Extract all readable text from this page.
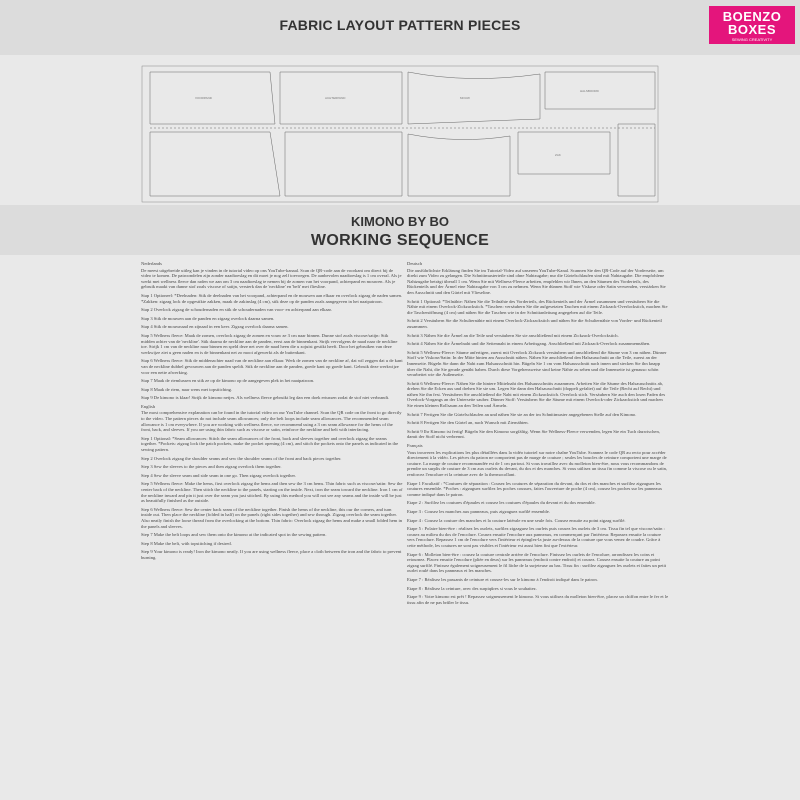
FABRIC LAYOUT PATTERN PIECES
BOENZO
BOXES
SEWING CREATIVITY
VOORPAND	ACHTERPAND	MOUW
HALSBOORD
ZAK
KIMONO BY BO
WORKING SEQUENCE

Nederlands

De meest uitgebreide uitleg kan je vinden in de tutorial video op ons YouTube-kanaal. Scan de QR-code aan de voorkant om direct bij de video te komen. De patroondelen zijn zonder naadtoeslag en dit moet je nog zelf toevoegen. De aanbevolen naadtoeslag is 1 cm overal. Als je werkt met wellness fleece dan raden we aan om 3 cm naadtoeslag te nemen bij de zomen van het voorpand, achterpand en mouwen. Als je gebruik maakt van dunne stof zoals viscose of satijn, versterk dan de 'neckline' en 'belt' met fliesline.

Stap 1 Optioneel: *Deelnaden: Stik de deelnaden van het voorpand, achterpand en de mouwen aan elkaar en overlock zigzag de naden samen. *Zakken: zigzag lock de opgestikte zakken, maak de zakinslag (4 cm), stik deze op de panden zoals aangegeven in het naaipatroon.

Stap 2 Overlock zigzag de schoudernaden en stik de schoudernaden van voor- en achterpand aan elkaar.

Stap 3 Stik de mouwen aan de panden en zigzag overlock daarna samen.

Stap 4 Stik de mouwnaad en zijnaad in een keer. Zigzag overlock daarna samen.

Stap 5 Wellness fleece: Maak de zomen, overlock zigzag de zomen en vouw ze 3 cm naar binnen. Dunne stof zoals viscose/satijn: Stik midden achter van de 'neckline'. Stik daarna de neckline aan de panden, eerst aan de binnenkant. Strijk vervolgens de naad naar de neckline toe. Strijk 1 cm van de neckline naar binnen en speld deze net over de naad heen die u zojuist gestikt heeft. Door het gebruiken van deze werkwijze ziet u geen naden en is de binnenkant net zo mooi afgewerkt als de buitenkant.

Stap 6 Wellness fleece: Stik de middenachter naad van de neckline aan elkaar. Werk de zomen van de neckline af, dat wil zeggen dat u de kant van de neckline dubbel gevouwen aan de panden speldt. Stik de neckline aan de panden, goede kant op goede kant. Gebruik deze werkwijze voor een nette afwerking.

Stap 7 Maak de riemlussen en stik ze op de kimono op de aangegeven plek in het naaipatroon.

Stap 8 Maak de riem, naar wens met topstitching.

Stap 9 De kimono is klaar! Strijk de kimono netjes. Als wellness fleece gebruikt leg dan een doek ertussen zodat de stof niet verbrandt.

English

The most comprehensive explanation can be found in the tutorial video on our YouTube channel. Scan the QR code on the front to go directly to the video. The pattern pieces do not include seam allowances; only the belt loops include seam allowances. The recommended seam allowance is 1 cm everywhere. If you are working with wellness fleece, we recommend using a 3 cm seam allowance for the hems of the front, back, and sleeves. If you are using thin fabric such as viscose or satin, reinforce the neckline and belt with interfacing.

Step 1 Optional: *Seam allowances: Stitch the seam allowances of the front, back and sleeves together and overlock zigzag the seams together. *Pockets: zigzag lock the patch pockets, make the pocket opening (4 cm), and stitch the pockets onto the panels as indicated in the sewing pattern.

Step 2 Overlock zigzag the shoulder seams and sew the shoulder seams of the front and back pieces together.

Step 3 Sew the sleeves to the pieces and then zigzag overlock them together.

Step 4 Sew the sleeve seam and side seam in one go. Then zigzag overlock together.

Step 5 Wellness fleece: Make the hems, first overlock zigzag the hems and then sew the 3 cm hems. Thin fabric such as viscose/satin: Sew the center back of the neckline. Then stitch the neckline to the panels, starting on the inside. Next, iron the seam toward the neckline. Iron 1 cm of the neckline inward and pin it just over the seam you just stitched. By using this method you will not see any seams and the inside will be just as beautifully finished as the outside.

Step 6 Wellness fleece: Sew the center back seam of the neckline together. Finish the hems of the neckline, this our the corners, and turn inside out. Then place the neckline (folded in half) on the panels (right sides together) and sew through. Zigzag overlock the seam together. Also neatly finish the loose thread from the overlocking at the bottom. Thin fabric: Overlock zigzag the hems and make a small folded hem in the panels and sleeves.

Step 7 Make the belt loops and sew them onto the kimono at the indicated spot in the sewing pattern.

Step 8 Make the belt, with topstitching if desired.

Step 9 Your kimono is ready! Iron the kimono neatly. If you are using wellness fleece, place a cloth between the iron and the fabric to prevent burning.

Deutsch

Die ausführlichste Erklärung finden Sie im Tutorial-Video auf unserem YouTube-Kanal. Scannen Sie den QR-Code auf der Vorderseite, um direkt zum Video zu gelangen. Die Schnittmusterteile sind ohne Nahtzugabe; nur die Gürtelschlaufen sind mit Nahtzugabe. Die empfohlene Nahtzugabe beträgt überall 1 cm. Wenn Sie mit Wellness-Fleece arbeiten, empfehlen wir Ihnen, an den Säumen des Vorderteils, des Rückenteils und der Ärmel eine Nahtzugabe von 3 cm zu nehmen. Wenn Sie dünnen Stoff wie Viskose oder Satin verwenden, verstärken Sie den Ausschnitt und den Gürtel mit Vlieseline.

Schritt 1 Optional: *Teilnähte: Nähen Sie die Teilnähte des Vorderteils, des Rückenteils und der Ärmel zusammen und versäubern Sie die Nähte mit einem Overlock-Zickzackstich. *Taschen: versäubern Sie die aufgesetzten Taschen mit einem Zickzack-Overlockstich, machen Sie die Taschenöffnung (4 cm) und nähen Sie die Taschen wie in der Schnittanleitung angegeben auf die Teile.

Schritt 2 Versäubern Sie die Schulternähte mit einem Overlock-Zickzackstich und nähen Sie die Schulternähte von Vorder- und Rückenteil zusammen.

Schritt 3 Nähen Sie die Ärmel an die Teile und versäubern Sie sie anschließend mit einem Zickzack-Overlockstich.

Schritt 4 Nähen Sie die Ärmelnaht und die Seitennaht in einem Arbeitsgang. Anschließend mit Zickzack-Overlock zusammennähen.

Schritt 5 Wellness-Fleece: Säume anfertigen, zuerst mit Overlock Zickzack versäubern und anschließend die Säume von 3 cm nähen. Dünner Stoff wie Viskose/Satin: In der Mitte hinten am Ausschnitt nähen. Nähen Sie anschließend den Halsausschnitt an die Teile, zuerst an der Innenseite. Bügeln Sie dann die Naht zum Halsausschnitt hin. Bügeln Sie 1 cm vom Halsausschnitt nach innen und stecken Sie ihn knapp über die Naht, die Sie gerade genäht haben. Durch diese Vorgehensweise sind keine Nähte zu sehen und die Innenseite ist genauso schön verarbeitet wie die Außenseite.

Schritt 6 Wellness-Fleece: Nähen Sie die hintere Mittelnaht des Halsausschnitts zusammen. Arbeiten Sie die Säume des Halsausschnitts ab, drehen Sie die Ecken aus und drehen Sie sie um. Legen Sie dann den Halsausschnitt (doppelt gefaltet) auf die Teile (Recht auf Recht) und nähen Sie ihn fest. Versäubern Sie anschließend die Naht mit einem Zickzackstich. Overlock stich. Versäubern Sie auch den losen Faden des Overlock-Vorgangs an der Unterseite sauber. Dünner Stoff: Versäubern Sie die Säume mit einem Overlock-oder Zickzackstich und machen Sie einen kleinen Rollsaum an den Teilen und Ärmeln.

Schritt 7 Fertigen Sie die Gürtelschlaufen an und nähen Sie sie an der im Schnittmuster angegebenen Stelle auf den Kimono.

Schritt 8 Fertigen Sie den Gürtel an, nach Wunsch mit Ziernähten.

Schritt 9 Ihr Kimono ist fertig! Bügeln Sie den Kimono sorgfältig. Wenn Sie Wellness-Fleece verwenden, legen Sie ein Tuch dazwischen, damit der Stoff nicht verbrennt.

Français

Vous trouverez les explications les plus détaillées dans la vidéo tutoriel sur notre chaîne YouTube. Scannez le code QR au recto pour accéder directement à la vidéo. Les pièces du patron ne comportent pas de marge de couture ; seules les boucles de ceinture comportent une marge de couture. La marge de couture recommandée est de 1 cm partout. Si vous travaillez avec du molleton bien-être, nous vous recommandons de prendre un surplis de couture de 3 cm aux ourlets du devant, du dos et des manches. Si vous utilisez un tissu fin comme la viscose ou le satin, renforcez l'encolure et la ceinture avec de la thermocollant.

Etape 1 Facultatif : *Coutures de séparation : Cousez les coutures de séparation du devant, du dos et des manches et surfilez zigzaguez les coutures ensemble. *Poches : zigzaguez surfilez les poches cousues, faites l'ouverture de poche (4 cm), cousez les poches sur les panneaux comme indiqué dans le patron.

Etape 2 : Surfilez les coutures d'épaules et cousez les coutures d'épaules du devant et du dos ensemble.

Etape 3 : Cousez les manches aux panneaux, puis zigzaguez surfilé ensemble.

Etape 4 : Cousez la couture des manches et la couture latérale en une seule fois. Cousez ensuite au point zigzag surfilé.

Etape 5 : Polaire bien-être : réalisez les ourlets, surfilez zigzaguez les ourlets puis cousez les ourlets de 3 cm. Tissu fin tel que viscose/satin : cousez au milieu du dos de l'encolure. Cousez ensuite l'encolure aux panneaux, en commençant par l'intérieur. Repassez ensuite la couture vers l'encolure. Repassez 1 cm de l'encolure vers l'intérieur et épinglez-la juste au-dessus de la couture que vous venez de coudre. Grâce à cette méthode, les coutures ne sont pas visibles et l'intérieur est aussi bien fini que l'extérieur.

Etape 6 : Molleton bien-être : cousez la couture centrale arrière de l'encolure. Finissez les ourlets de l'encolure, arrondissez les coins et retournez. Placez ensuite l'encolure (pliée en deux) sur les panneaux (endroit contre endroit) et cousez. Cousez ensuite la couture au point zigzag surfilé. Finissez également soigneusement le fil lâche de la surjeteuse au bas. Tissu fin : surfilez zigzaguez les ourlets et faites un petit ourlet roulé dans les panneaux et les manches.

Etape 7 : Réalisez les passants de ceinture et cousez-les sur le kimono à l'endroit indiqué dans le patron.

Etape 8 : Réalisez la ceinture, avec des surpiqûres si vous le souhaitez.

Etape 9 : Votre kimono est prêt ! Repassez soigneusement le kimono. Si vous utilisez du molleton bien-être, placez un chiffon entre le fer et le tissu afin de ne pas brûler le tissu.
